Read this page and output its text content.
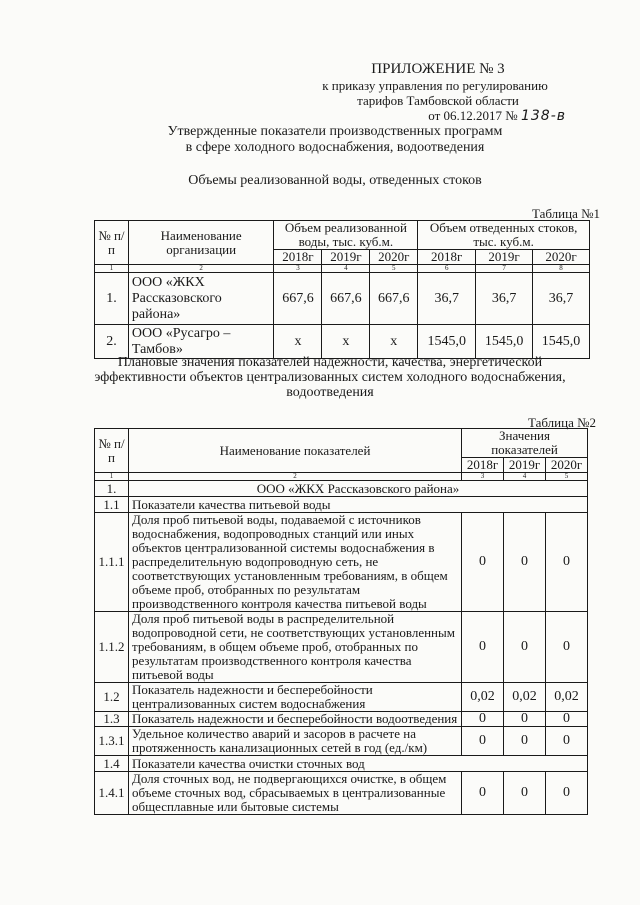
ПРИЛОЖЕНИЕ № 3
к приказу управления по регулированию
тарифов Тамбовской области
от 06.12.2017 № 138-в
Утвержденные показатели производственных программ
в сфере холодного водоснабжения, водоотведения
Объемы реализованной воды, отведенных стоков
Таблица №1
№ п/п	Наименование организации	Объем реализованной воды, тыс. куб.м.			Объем отведенных стоков, тыс. куб.м.		
		2018г	2019г	2020г	2018г	2019г	2020г
1	2	3	4	5	6	7	8
1.	ООО «ЖКХ Рассказовского района»	667,6	667,6	667,6	36,7	36,7	36,7
2.	ООО «Русагро – Тамбов»	х	х	х	1545,0	1545,0	1545,0
Плановые значения показателей надежности, качества, энергетической
эффективности объектов централизованных систем холодного водоснабжения,
водоотведения
Таблица №2
№ п/п	Наименование показателей	Значения показателей		
		2018г	2019г	2020г
1	2	3	4	5
1.	ООО «ЖКХ Рассказовского района»			
1.1	Показатели качества питьевой воды			
1.1.1	Доля проб питьевой воды, подаваемой с источников водоснабжения, водопроводных станций или иных объектов централизованной системы водоснабжения в распределительную водопроводную сеть, не соответствующих установленным требованиям, в общем объеме проб, отобранных по результатам производственного контроля качества питьевой воды	0	0	0
1.1.2	Доля проб питьевой воды в распределительной водопроводной сети, не соответствующих установленным требованиям, в общем объеме проб, отобранных по результатам производственного контроля качества питьевой воды	0	0	0
1.2	Показатель надежности и бесперебойности централизованных систем водоснабжения	0,02	0,02	0,02
1.3	Показатель надежности и бесперебойности водоотведения	0	0	0
1.3.1	Удельное количество аварий и засоров в расчете на протяженность канализационных сетей в год (ед./км)	0	0	0
1.4	Показатели качества очистки сточных вод			
1.4.1	Доля сточных вод, не подвергающихся очистке, в общем объеме сточных вод, сбрасываемых в централизованные общесплавные или бытовые системы	0	0	0
